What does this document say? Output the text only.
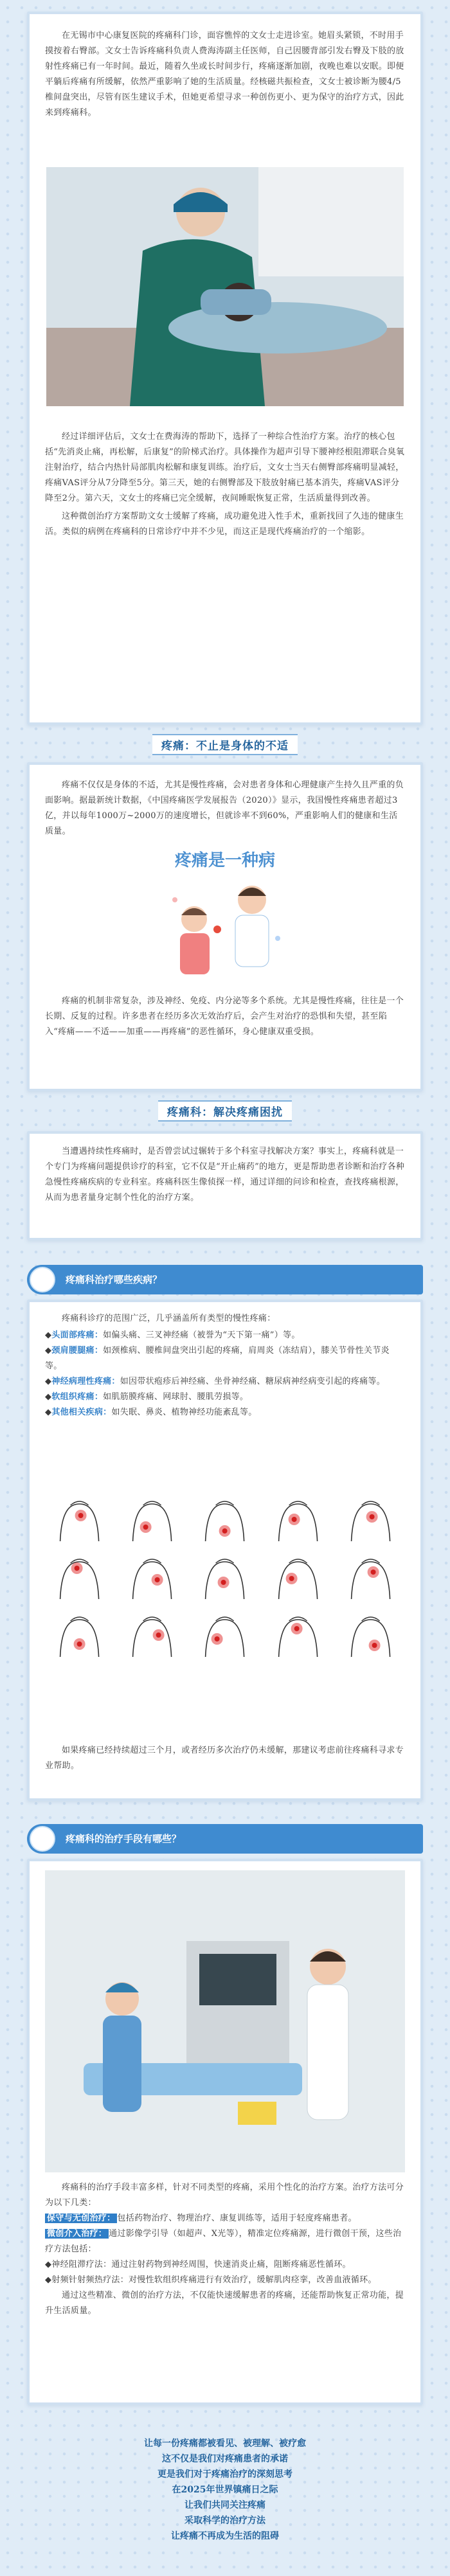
在无锡市中心康复医院的疼痛科门诊，面容憔悴的文女士走进诊室。她眉头紧锁，不时用手摸按着右臀部。文女士告诉疼痛科负责人费海涛副主任医师，自己因腰背部引发右臀及下肢的放射性疼痛已有一年时间。最近，随着久坐或长时间步行，疼痛逐渐加剧，夜晚也难以安眠。即便平躺后疼痛有所缓解，依然严重影响了她的生活质量。经核磁共振检查，文女士被诊断为腰4/5椎间盘突出，尽管有医生建议手术，但她更希望寻求一种创伤更小、更为保守的治疗方式，因此来到疼痛科。

经过详细评估后，文女士在费海涛的帮助下，选择了一种综合性治疗方案。治疗的核心包括“先消炎止痛，再松解，后康复”的阶梯式治疗。具体操作为超声引导下腰神经根阻滞联合臭氧注射治疗，结合内热针局部肌肉松解和康复训练。治疗后，文女士当天右侧臀部疼痛明显减轻，疼痛VAS评分从7分降至5分。第三天，她的右侧臀部及下肢放射痛已基本消失，疼痛VAS评分降至2分。第六天，文女士的疼痛已完全缓解，夜间睡眠恢复正常，生活质量得到改善。

这种微创治疗方案帮助文女士缓解了疼痛，成功避免进入性手术，重新找回了久违的健康生活。类似的病例在疼痛科的日常诊疗中并不少见，而这正是现代疼痛治疗的一个缩影。

疼痛：不止是身体的不适

疼痛不仅仅是身体的不适，尤其是慢性疼痛，会对患者身体和心理健康产生持久且严重的负面影响。据最新统计数据，《中国疼痛医学发展报告（2020）》显示，我国慢性疼痛患者超过3亿，并以每年1000万~2000万的速度增长，但就诊率不到60%，严重影响人们的健康和生活质量。

疼痛是一种病

疼痛的机制非常复杂，涉及神经、免疫、内分泌等多个系统。尤其是慢性疼痛，往往是一个长期、反复的过程。许多患者在经历多次无效治疗后，会产生对治疗的恐惧和失望，甚至陷入“疼痛——不适——加重——再疼痛”的恶性循环，身心健康双重受损。

疼痛科：解决疼痛困扰

当遭遇持续性疼痛时，是否曾尝试过辗转于多个科室寻找解决方案？事实上，疼痛科就是一个专门为疼痛问题提供诊疗的科室，它不仅是“开止痛药”的地方，更是帮助患者诊断和治疗各种急慢性疼痛疾病的专业科室。疼痛科医生像侦探一样，通过详细的问诊和检查，查找疼痛根源，从而为患者量身定制个性化的治疗方案。

疼痛科治疗哪些疾病？

疼痛科诊疗的范围广泛，几乎涵盖所有类型的慢性疼痛：

◆头面部疼痛：如偏头痛、三叉神经痛（被誉为“天下第一痛”）等。

◆颈肩腰腿痛：如颈椎病、腰椎间盘突出引起的疼痛，肩周炎（冻结肩），膝关节骨性关节炎等。

◆神经病理性疼痛：如因带状疱疹后神经痛、坐骨神经痛、糖尿病神经病变引起的疼痛等。

◆软组织疼痛：如肌筋膜疼痛、网球肘、腰肌劳损等。

◆其他相关疾病：如失眠、鼻炎、植物神经功能紊乱等。

如果疼痛已经持续超过三个月，或者经历多次治疗仍未缓解，那建议考虑前往疼痛科寻求专业帮助。

疼痛科的治疗手段有哪些？

疼痛科的治疗手段丰富多样，针对不同类型的疼痛，采用个性化的治疗方案。治疗方法可分为以下几类：

保守与无创治疗： 包括药物治疗、物理治疗、康复训练等，适用于轻度疼痛患者。

微创介入治疗： 通过影像学引导（如超声、X光等），精准定位疼痛源，进行微创干预，这些治疗方法包括：

◆神经阻滞疗法：通过注射药物到神经周围，快速消炎止痛，阻断疼痛恶性循环。

◆射频针射频热疗法：对慢性软组织疼痛进行有效治疗，缓解肌肉痉挛，改善血液循环。

通过这些精准、微创的治疗方法，不仅能快速缓解患者的疼痛，还能帮助恢复正常功能，提升生活质量。

让每一份疼痛都被看见、被理解、被疗愈

这不仅是我们对疼痛患者的承诺

更是我们对于疼痛治疗的深刻思考

在2025年世界镇痛日之际

让我们共同关注疼痛

采取科学的治疗方法

让疼痛不再成为生活的阻碍
